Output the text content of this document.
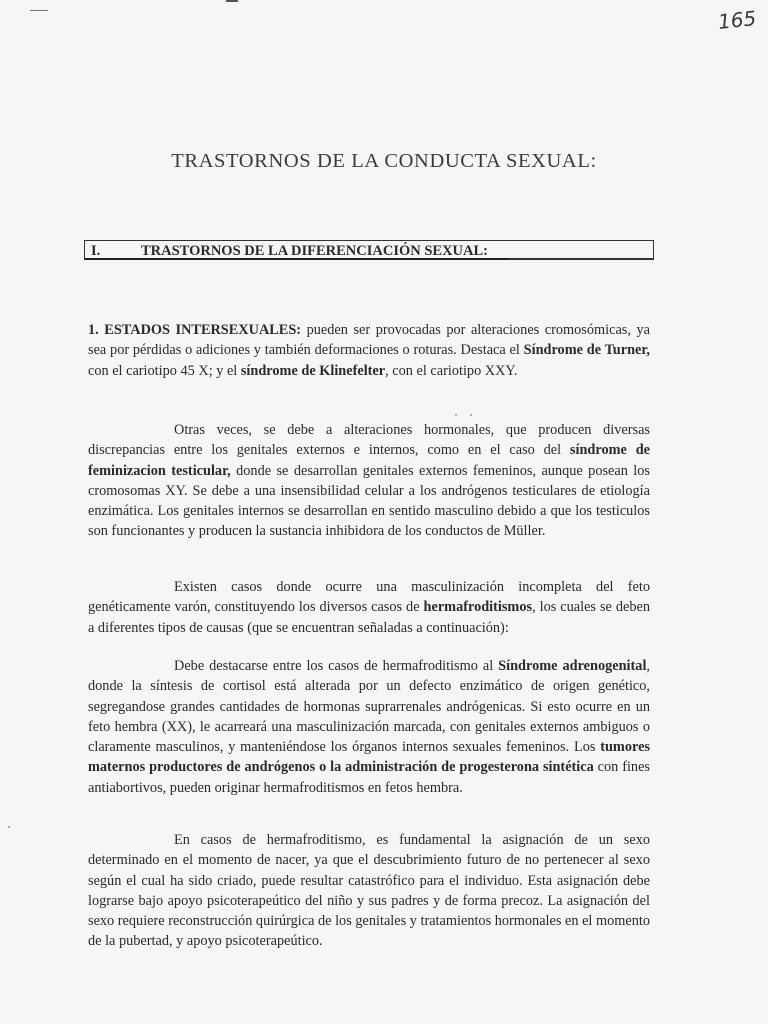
165
TRASTORNOS DE LA CONDUCTA SEXUAL:
I.	TRASTORNOS DE LA DIFERENCIACIÓN SEXUAL:

1. ESTADOS INTERSEXUALES: pueden ser provocadas por alteraciones cromosómicas, ya sea por pérdidas o adiciones y también deformaciones o roturas. Destaca el Síndrome de Turner, con el cariotipo 45 X; y el síndrome de Klinefelter, con el cariotipo XXY.

Otras veces, se debe a alteraciones hormonales, que producen diversas discrepancias entre los genitales externos e internos, como en el caso del síndrome de feminizacion testicular, donde se desarrollan genitales externos femeninos, aunque posean los cromosomas XY. Se debe a una insensibilidad celular a los andrógenos testiculares de etiología enzimática. Los genitales internos se desarrollan en sentido masculino debido a que los testiculos son funcionantes y producen la sustancia inhibidora de los conductos de Müller.

Existen casos donde ocurre una masculinización incompleta del feto genéticamente varón, constituyendo los diversos casos de hermafroditismos, los cuales se deben a diferentes tipos de causas (que se encuentran señaladas a continuación):

Debe destacarse entre los casos de hermafroditismo al Síndrome adrenogenital, donde la síntesis de cortisol está alterada por un defecto enzimático de origen genético, segregandose grandes cantidades de hormonas suprarrenales andrógenicas. Si esto ocurre en un feto hembra (XX), le acarreará una masculinización marcada, con genitales externos ambiguos o claramente masculinos, y manteniéndose los órganos internos sexuales femeninos. Los tumores maternos productores de andrógenos o la administración de progesterona sintética con fines antiabortivos, pueden originar hermafroditismos en fetos hembra.

En casos de hermafroditismo, es fundamental la asignación de un sexo determinado en el momento de nacer, ya que el descubrimiento futuro de no pertenecer al sexo según el cual ha sido criado, puede resultar catastrófico para el individuo. Esta asignación debe lograrse bajo apoyo psicoterapeútico del niño y sus padres y de forma precoz. La asignación del sexo requiere reconstrucción quirúrgica de los genitales y tratamientos hormonales en el momento de la pubertad, y apoyo psicoterapeútico.
